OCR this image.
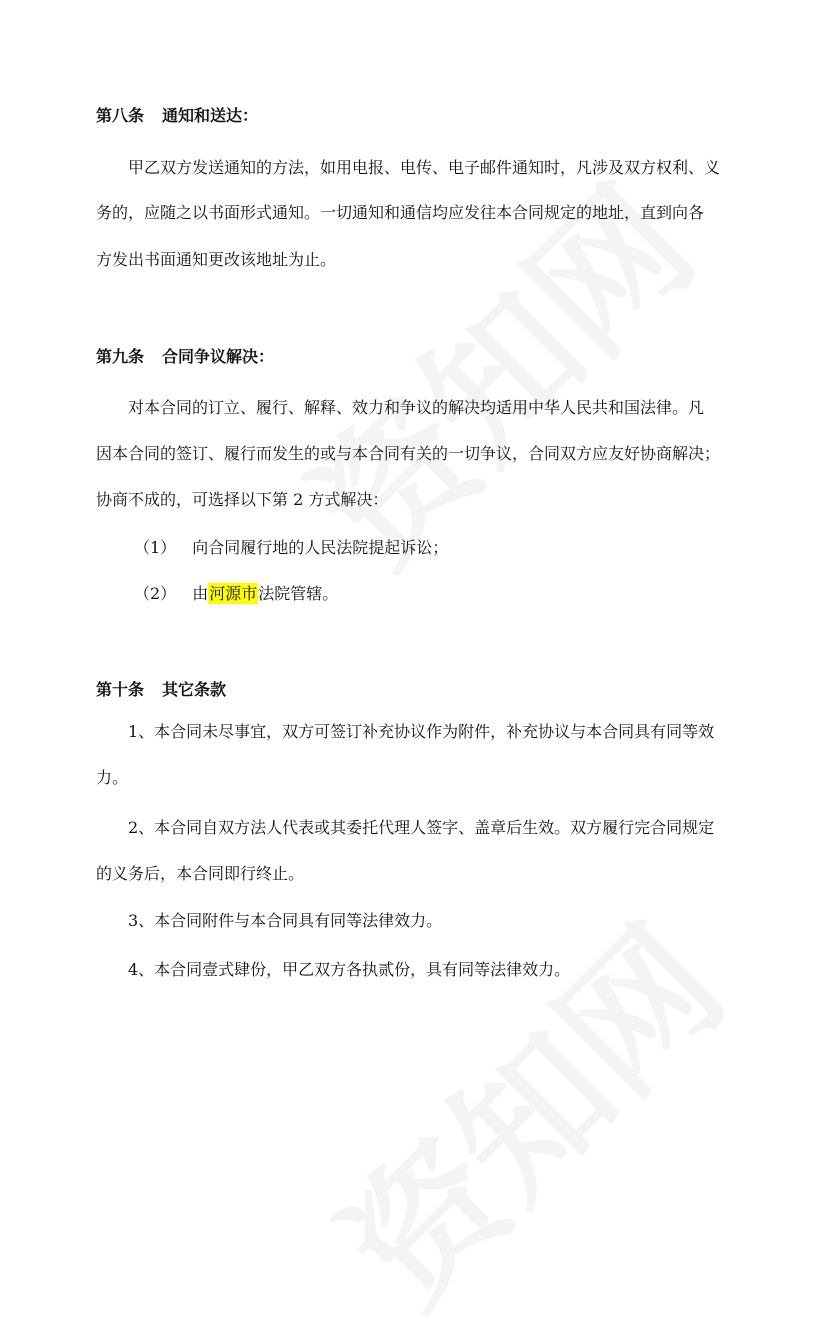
第八条 通知和送达：
甲乙双方发送通知的方法，如用电报、电传、电子邮件通知时，凡涉及双方权利、义
务的，应随之以书面形式通知。一切通知和通信均应发往本合同规定的地址，直到向各
方发出书面通知更改该地址为止。
第九条 合同争议解决：
对本合同的订立、履行、解释、效力和争议的解决均适用中华人民共和国法律。凡
因本合同的签订、履行而发生的或与本合同有关的一切争议，合同双方应友好协商解决；
协商不成的，可选择以下第 2 方式解决：
（1） 向合同履行地的人民法院提起诉讼；
（2） 由河源市法院管辖。
第十条 其它条款
1、本合同未尽事宜，双方可签订补充协议作为附件，补充协议与本合同具有同等效
力。
2、本合同自双方法人代表或其委托代理人签字、盖章后生效。双方履行完合同规定
的义务后，本合同即行终止。
3、本合同附件与本合同具有同等法律效力。
4、本合同壹式肆份，甲乙双方各执贰份，具有同等法律效力。
